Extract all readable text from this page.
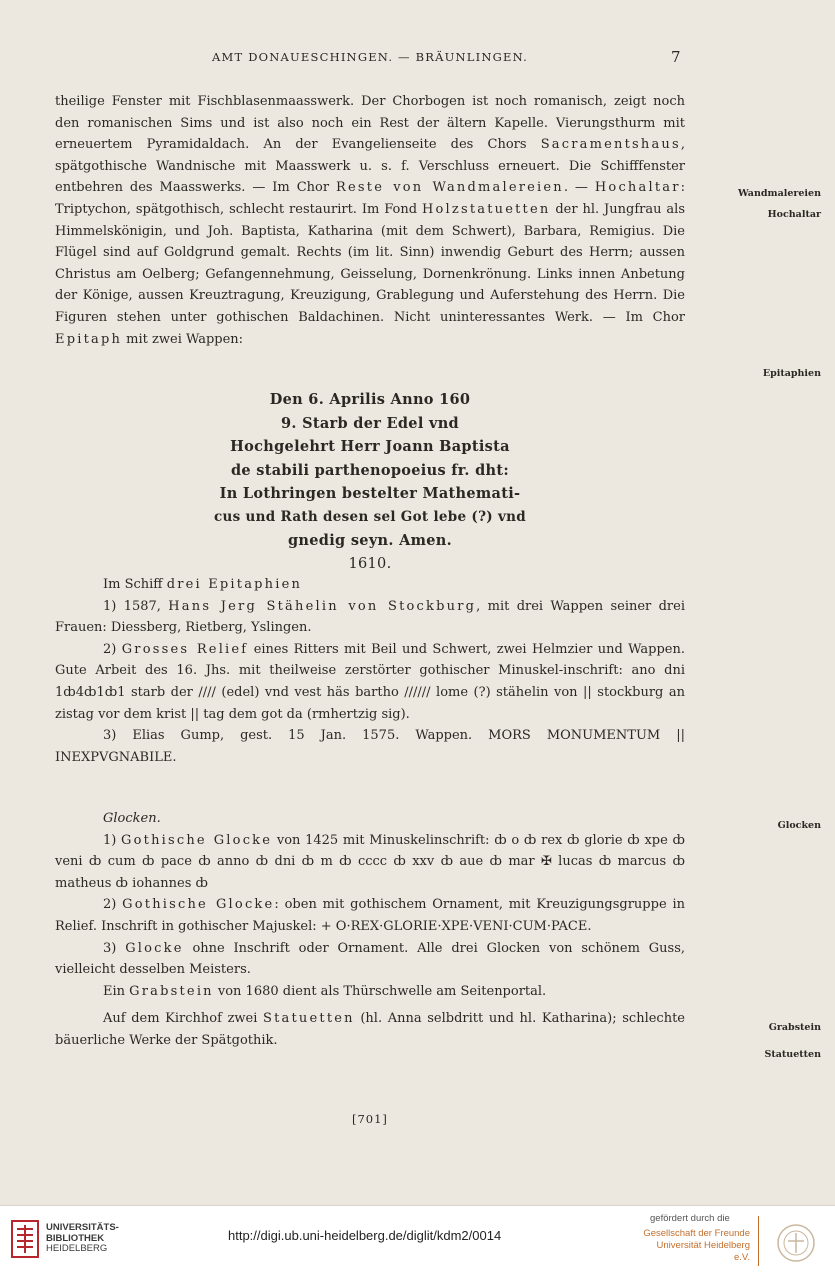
AMT DONAUESCHINGEN. — BRÄUNLINGEN.	7

theilige Fenster mit Fischblasenmaasswerk. Der Chorbogen ist noch romanisch, zeigt noch den romanischen Sims und ist also noch ein Rest der ältern Kapelle. Vierungsthurm mit erneuertem Pyramidaldach. An der Evangelienseite des Chors Sacramentshaus, spätgothische Wandnische mit Maasswerk u. s. f. Verschluss erneuert. Die Schifffenster entbehren des Maasswerks. — Im Chor Reste von Wandmalereien. — Hochaltar: Triptychon, spätgothisch, schlecht restaurirt. Im Fond Holzstatuetten der hl. Jungfrau als Himmelskönigin, und Joh. Baptista, Katharina (mit dem Schwert), Barbara, Remigius. Die Flügel sind auf Goldgrund gemalt. Rechts (im lit. Sinn) inwendig Geburt des Herrn; aussen Christus am Oelberg; Gefangennehmung, Geisselung, Dornenkrönung. Links innen Anbetung der Könige, aussen Kreuztragung, Kreuzigung, Grablegung und Auferstehung des Herrn. Die Figuren stehen unter gothischen Baldachinen. Nicht uninteressantes Werk. — Im Chor Epitaph mit zwei Wappen:

Den 6. Aprilis Anno 160
9. Starb der Edel vnd
Hochgelehrt Herr Joann Baptista
de stabili parthenopoeius fr. dht:
In Lothringen bestelter Mathemati-
cus und Rath desen sel Got lebe (?) vnd
gnedig seyn. Amen.
1610.

Im Schiff drei Epitaphien

1) 1587, Hans Jerg Stähelin von Stockburg, mit drei Wappen seiner drei Frauen: Diessberg, Rietberg, Yslingen.

2) Grosses Relief eines Ritters mit Beil und Schwert, zwei Helmzier und Wappen. Gute Arbeit des 16. Jhs. mit theilweise zerstörter gothischer Minuskel-inschrift: ano dni 1ȸ4ȸ1ȸ1 starb der //// (edel) vnd vest häs bartho ////// lome (?) stähelin von || stockburg an zistag vor dem krist || tag dem got da (rmhertzig sig).

3) Elias Gump, gest. 15 Jan. 1575. Wappen. MORS MONUMENTUM || INEXPVGNABILE.

Glocken.

1) Gothische Glocke von 1425 mit Minuskelinschrift: ȸ o ȸ rex ȸ glorie ȸ xpe ȸ veni ȸ cum ȸ pace ȸ anno ȸ dni ȸ m ȸ cccc ȸ xxv ȸ aue ȸ mar ✠ lucas ȸ marcus ȸ matheus ȸ iohannes ȸ

2) Gothische Glocke: oben mit gothischem Ornament, mit Kreuzigungsgruppe in Relief. Inschrift in gothischer Majuskel: + O·REX·GLORIE·XPE·VENI·CUM·PACE.

3) Glocke ohne Inschrift oder Ornament. Alle drei Glocken von schönem Guss, vielleicht desselben Meisters.

Ein Grabstein von 1680 dient als Thürschwelle am Seitenportal.

Auf dem Kirchhof zwei Statuetten (hl. Anna selbdritt und hl. Katharina); schlechte bäuerliche Werke der Spätgothik.

Wandmalereien
Hochaltar
Epitaphien
Glocken
Grabstein
Statuetten
[701]
UNIVERSITÄTS-
BIBLIOTHEK
HEIDELBERG
http://digi.ub.uni-heidelberg.de/diglit/kdm2/0014
gefördert durch die
Gesellschaft der Freunde
Universität Heidelberg e.V.
